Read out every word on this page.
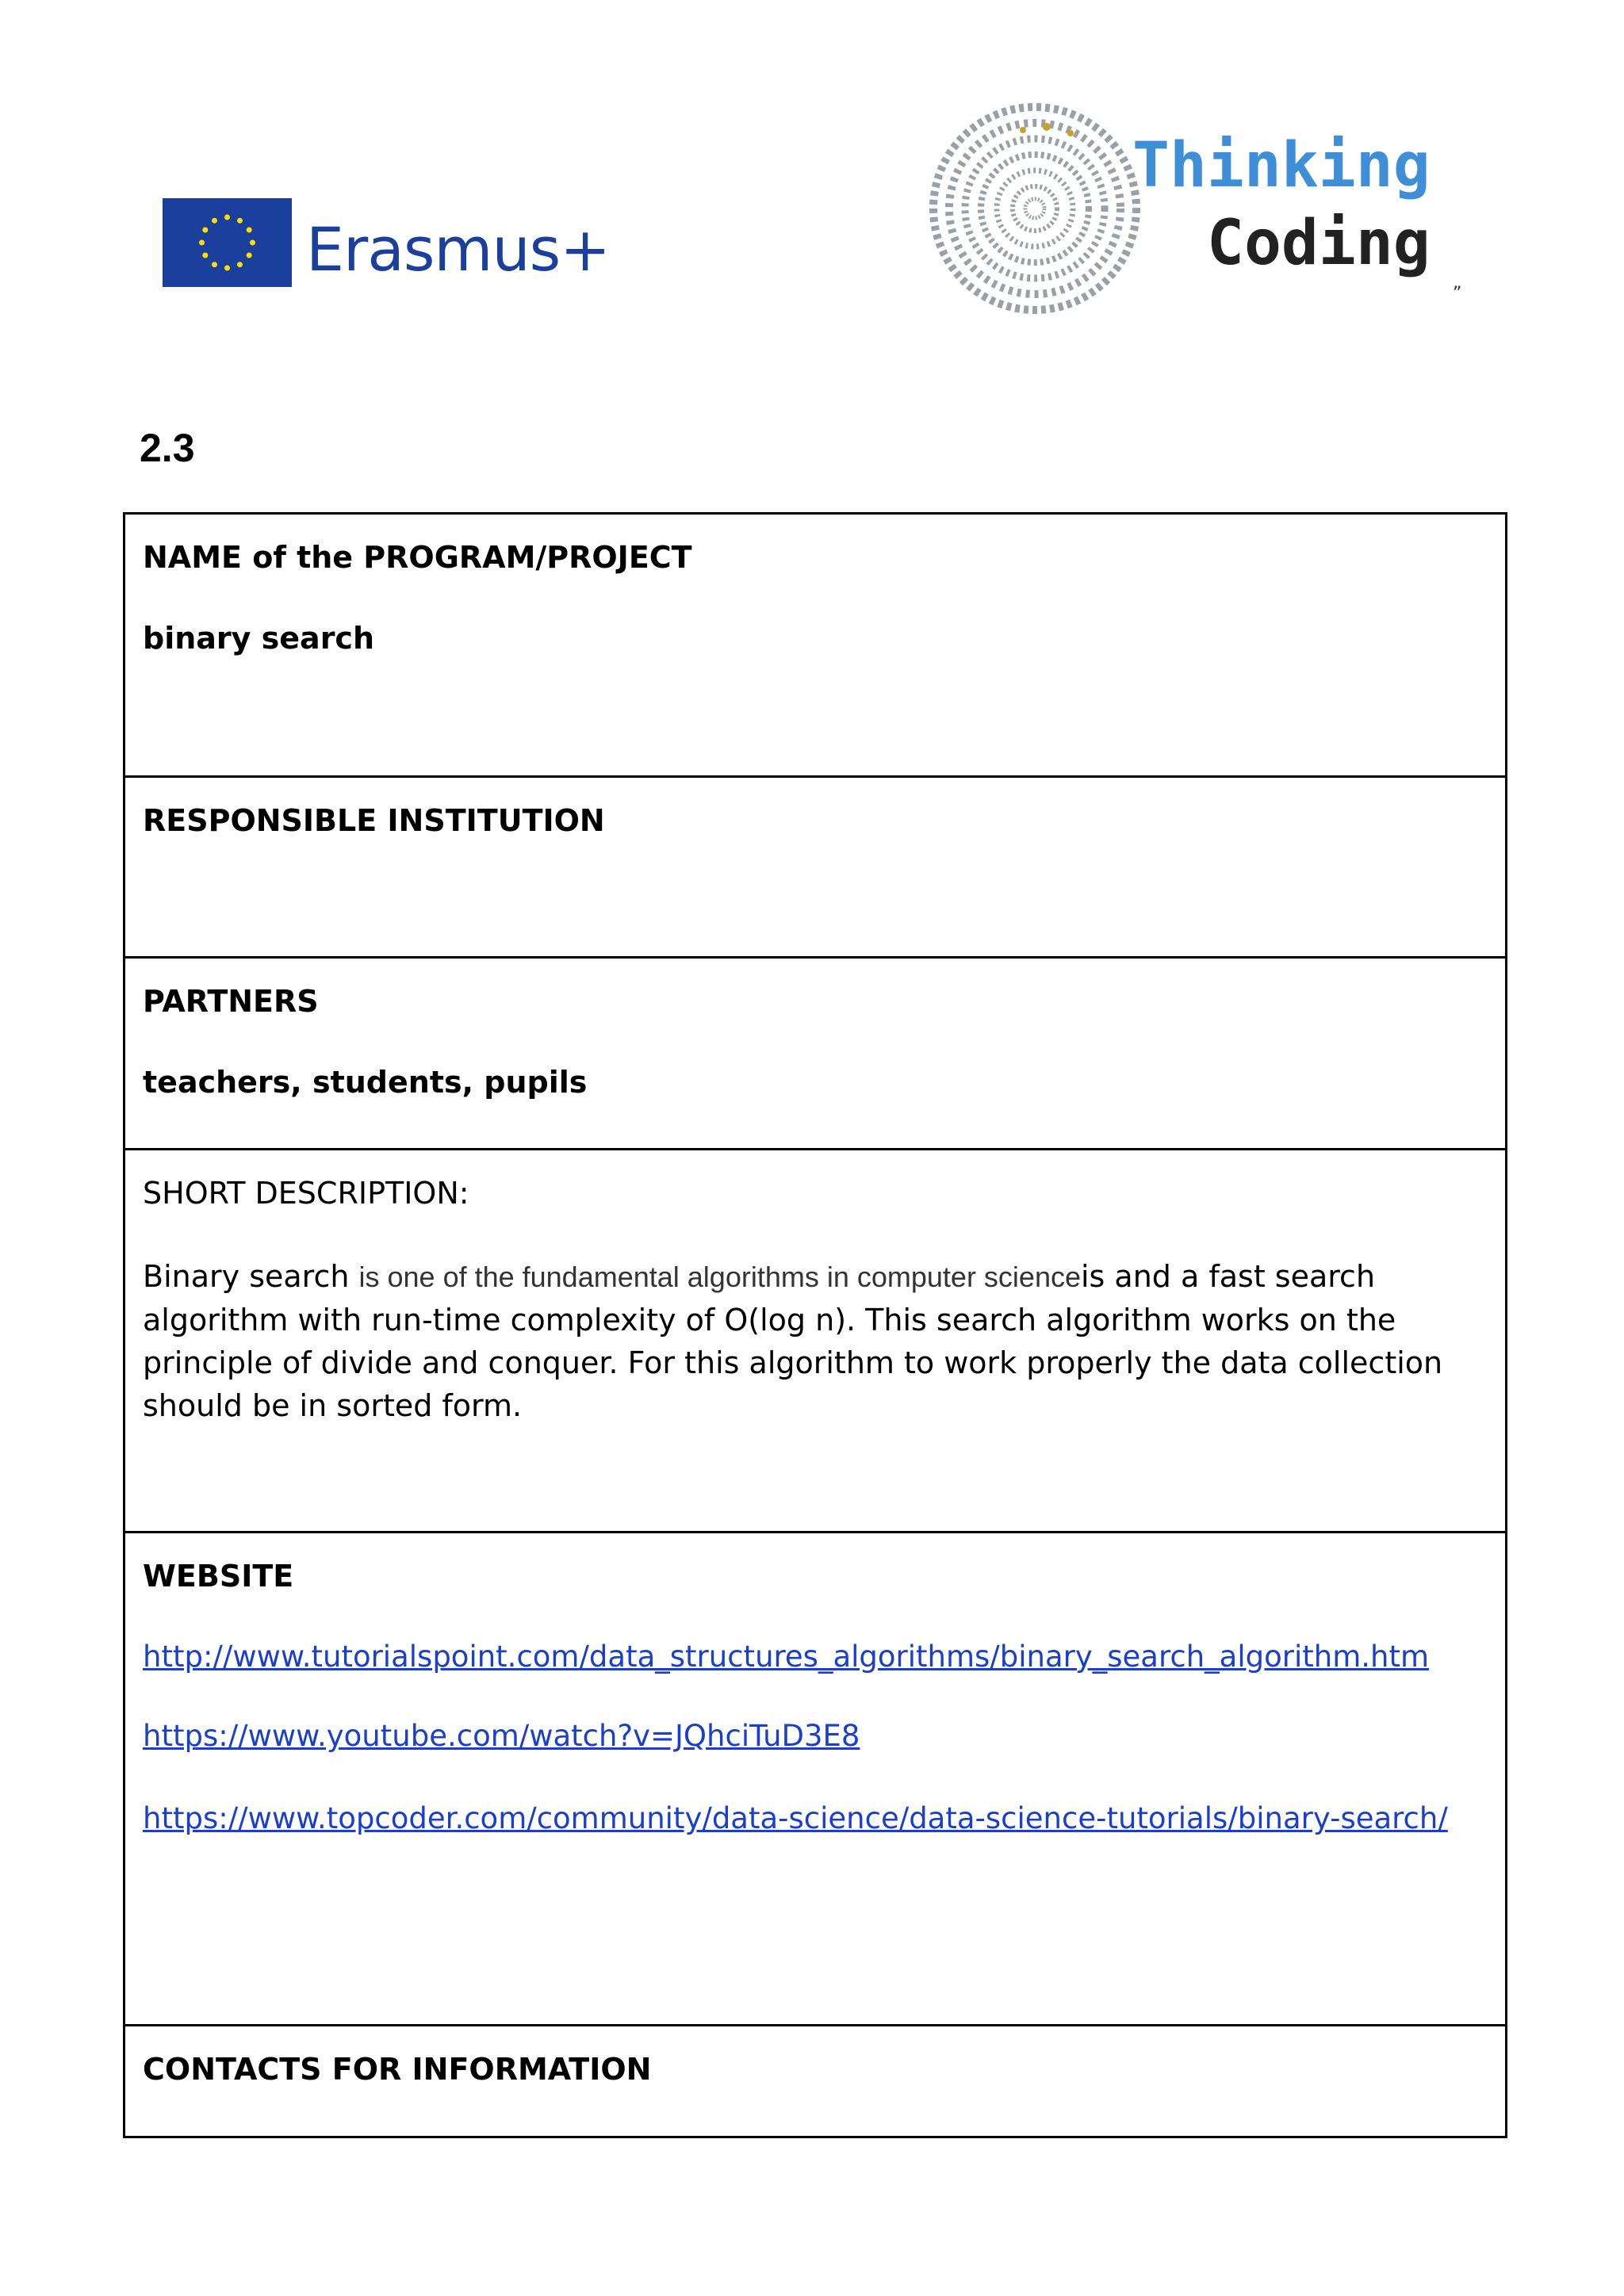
Erasmus+
Thinking
Coding
”
2.3
NAME of the PROGRAM/PROJECT
binary search
RESPONSIBLE INSTITUTION
PARTNERS
teachers, students, pupils
SHORT DESCRIPTION:
Binary search is one of the fundamental algorithms in computer scienceis and a fast search algorithm with run-time complexity of O(log n). This search algorithm works on the principle of divide and conquer. For this algorithm to work properly the data collection should be in sorted form.
WEBSITE
http://www.tutorialspoint.com/data_structures_algorithms/binary_search_algorithm.htm
https://www.youtube.com/watch?v=JQhciTuD3E8
https://www.topcoder.com/community/data-science/data-science-tutorials/binary-search/
CONTACTS FOR INFORMATION
